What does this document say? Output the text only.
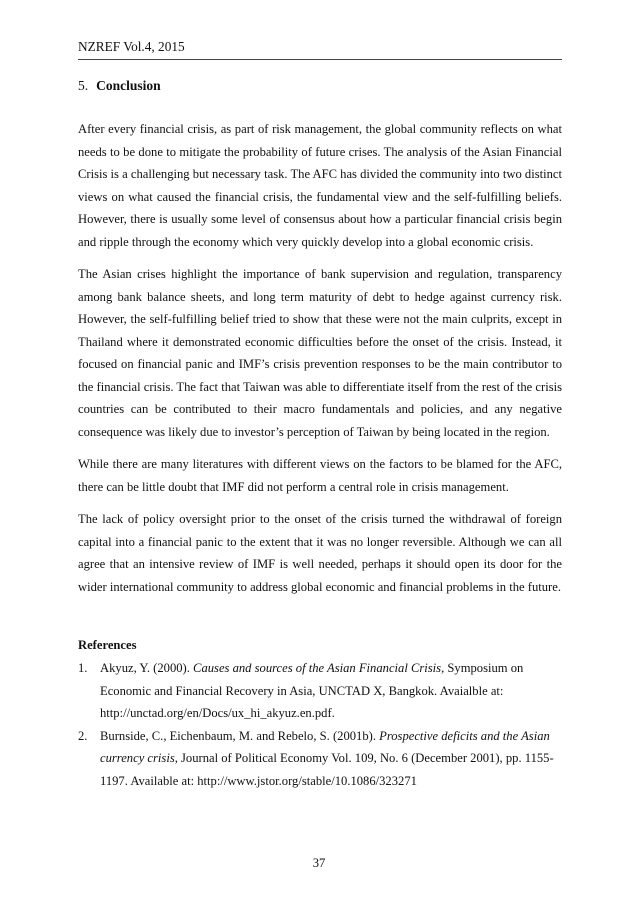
NZREF Vol.4, 2015
5. Conclusion

After every financial crisis, as part of risk management, the global community reflects on what needs to be done to mitigate the probability of future crises. The analysis of the Asian Financial Crisis is a challenging but necessary task. The AFC has divided the community into two distinct views on what caused the financial crisis, the fundamental view and the self-fulfilling beliefs. However, there is usually some level of consensus about how a particular financial crisis begin and ripple through the economy which very quickly develop into a global economic crisis.

The Asian crises highlight the importance of bank supervision and regulation, transparency among bank balance sheets, and long term maturity of debt to hedge against currency risk. However, the self-fulfilling belief tried to show that these were not the main culprits, except in Thailand where it demonstrated economic difficulties before the onset of the crisis. Instead, it focused on financial panic and IMF’s crisis prevention responses to be the main contributor to the financial crisis. The fact that Taiwan was able to differentiate itself from the rest of the crisis countries can be contributed to their macro fundamentals and policies, and any negative consequence was likely due to investor’s perception of Taiwan by being located in the region.

While there are many literatures with different views on the factors to be blamed for the AFC, there can be little doubt that IMF did not perform a central role in crisis management.

The lack of policy oversight prior to the onset of the crisis turned the withdrawal of foreign capital into a financial panic to the extent that it was no longer reversible. Although we can all agree that an intensive review of IMF is well needed, perhaps it should open its door for the wider international community to address global economic and financial problems in the future.

References
1. Akyuz, Y. (2000). Causes and sources of the Asian Financial Crisis, Symposium on Economic and Financial Recovery in Asia, UNCTAD X, Bangkok. Avaialble at: http://unctad.org/en/Docs/ux_hi_akyuz.en.pdf.
2. Burnside, C., Eichenbaum, M. and Rebelo, S. (2001b). Prospective deficits and the Asian currency crisis, Journal of Political Economy Vol. 109, No. 6 (December 2001), pp. 1155-1197. Available at: http://www.jstor.org/stable/10.1086/323271
37
